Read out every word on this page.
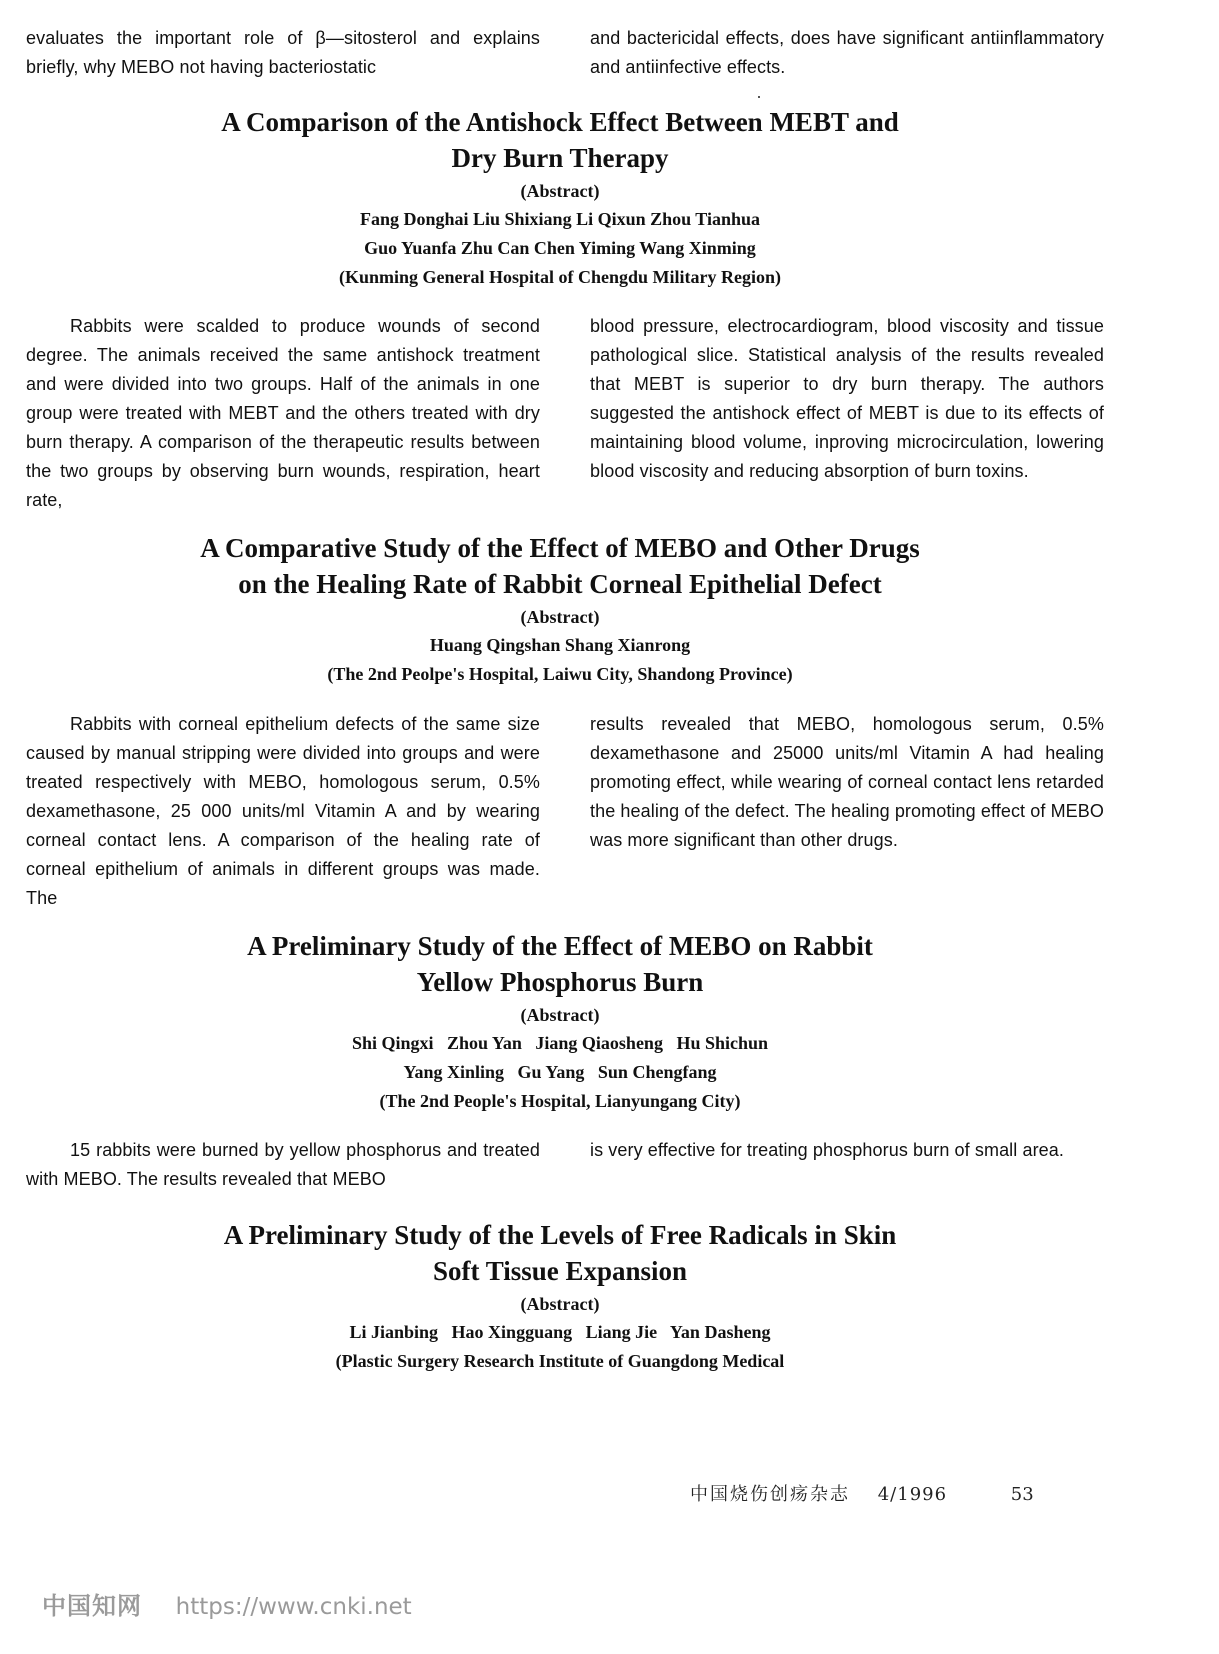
evaluates the important role of β—sitosterol and explains briefly, why MEBO not having bacteriostatic

and bactericidal effects, does have significant antiinflammatory and antiinfective effects.

A Comparison of the Antishock Effect Between MEBT and

Dry Burn Therapy

(Abstract)

Fang Donghai Liu Shixiang Li Qixun Zhou Tianhua

Guo Yuanfa Zhu Can Chen Yiming Wang Xinming

(Kunming General Hospital of Chengdu Military Region)

Rabbits were scalded to produce wounds of second degree. The animals received the same antishock treatment and were divided into two groups. Half of the animals in one group were treated with MEBT and the others treated with dry burn therapy. A comparison of the therapeutic results between the two groups by observing burn wounds, respiration, heart rate,

blood pressure, electrocardiogram, blood viscosity and tissue pathological slice. Statistical analysis of the results revealed that MEBT is superior to dry burn therapy. The authors suggested the antishock effect of MEBT is due to its effects of maintaining blood volume, inproving microcirculation, lowering blood viscosity and reducing absorption of burn toxins.

A Comparative Study of the Effect of MEBO and Other Drugs

on the Healing Rate of Rabbit Corneal Epithelial Defect

(Abstract)

Huang Qingshan Shang Xianrong

(The 2nd Peolpe's Hospital, Laiwu City, Shandong Province)

Rabbits with corneal epithelium defects of the same size caused by manual stripping were divided into groups and were treated respectively with MEBO, homologous serum, 0.5% dexamethasone, 25 000 units/ml Vitamin A and by wearing corneal contact lens. A comparison of the healing rate of corneal epithelium of animals in different groups was made. The

results revealed that MEBO, homologous serum, 0.5% dexamethasone and 25000 units/ml Vitamin A had healing promoting effect, while wearing of corneal contact lens retarded the healing of the defect. The healing promoting effect of MEBO was more significant than other drugs.

A Preliminary Study of the Effect of MEBO on Rabbit

Yellow Phosphorus Burn

(Abstract)

Shi Qingxi   Zhou Yan   Jiang Qiaosheng   Hu Shichun

Yang Xinling   Gu Yang   Sun Chengfang

(The 2nd People's Hospital, Lianyungang City)

15 rabbits were burned by yellow phosphorus and treated with MEBO. The results revealed that MEBO

is very effective for treating phosphorus burn of small area.

A Preliminary Study of the Levels of Free Radicals in Skin

Soft Tissue Expansion

(Abstract)

Li Jianbing   Hao Xingguang   Liang Jie   Yan Dasheng

(Plastic Surgery Research Institute of Guangdong Medical

中国烧伤创疡杂志 4/1996	53
中国知网 https://www.cnki.net
